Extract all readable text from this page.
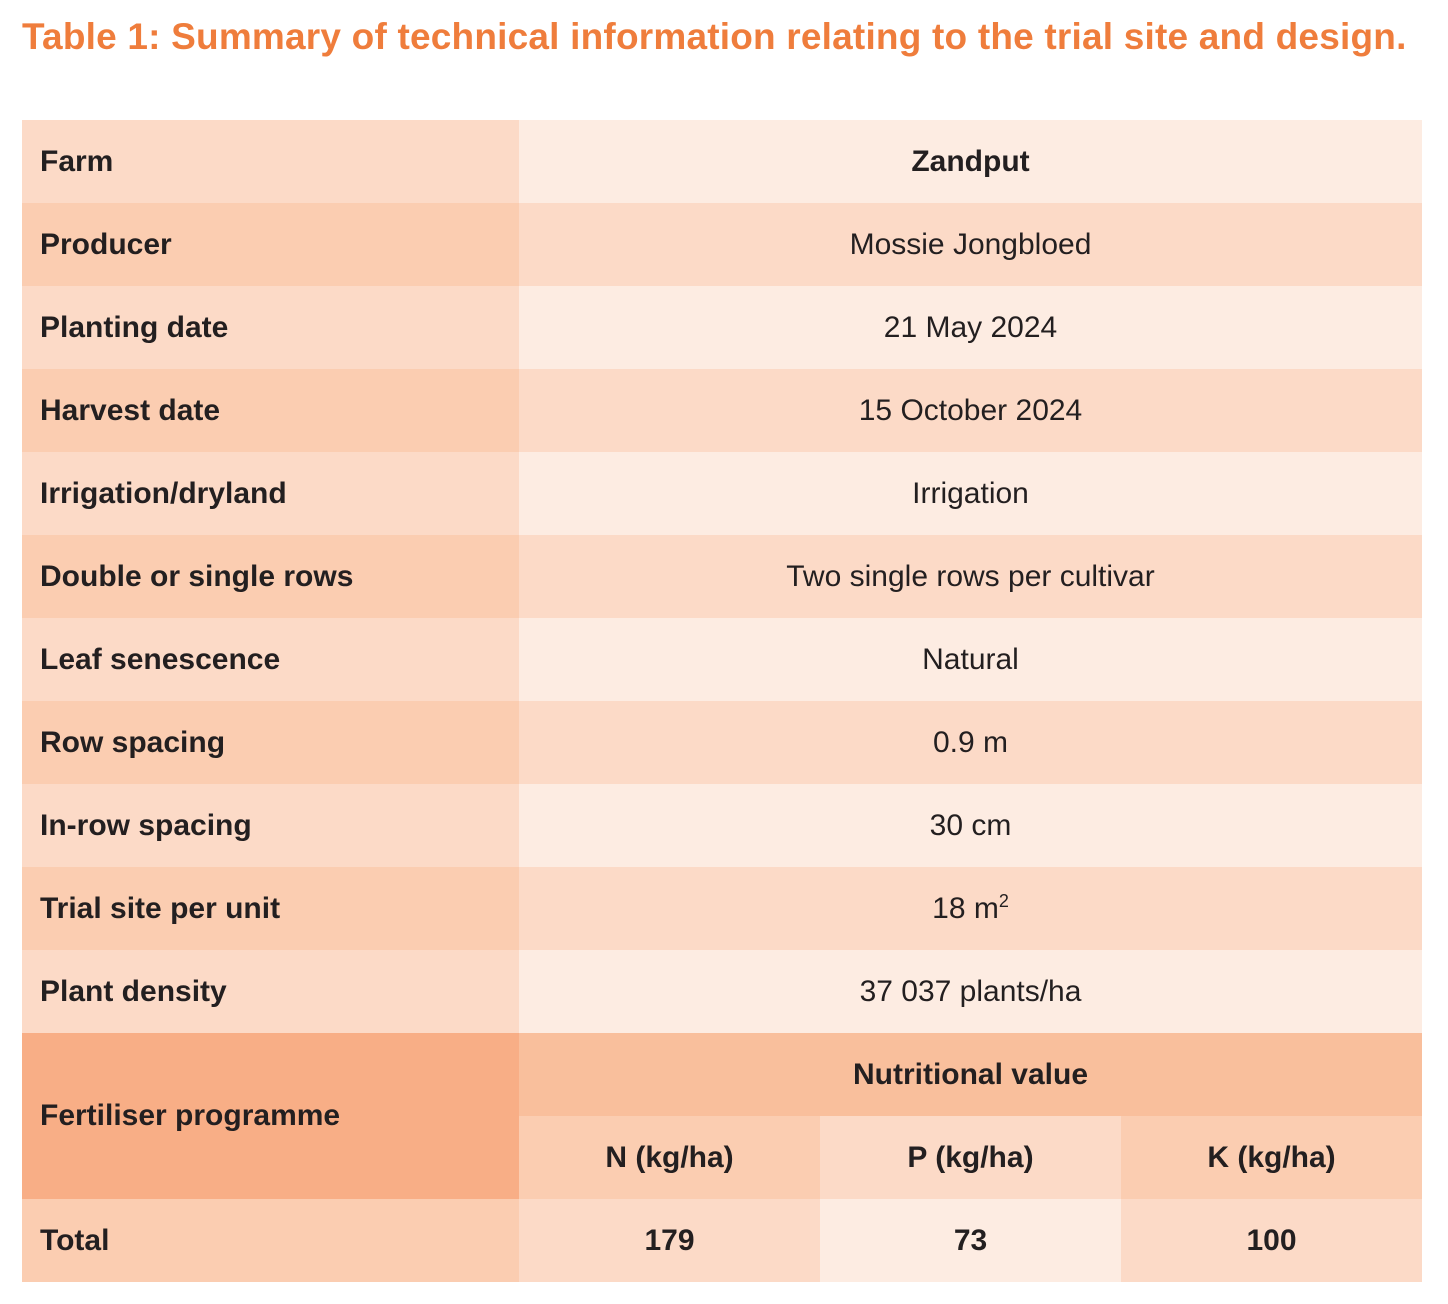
Table 1: Summary of technical information relating to the trial site and design.
Farm	Zandput		
Producer	Mossie Jongbloed		
Planting date	21 May 2024		
Harvest date	15 October 2024		
Irrigation/dryland	Irrigation		
Double or single rows	Two single rows per cultivar		
Leaf senescence	Natural		
Row spacing	0.9 m		
In-row spacing	30 cm		
Trial site per unit	18 $m^2$
Plant density	37 037 plants/ha		
Fertiliser programme	Nutritional value		
	N (kg/ha)	P (kg/ha)	K (kg/ha)
Total	179	73	100
